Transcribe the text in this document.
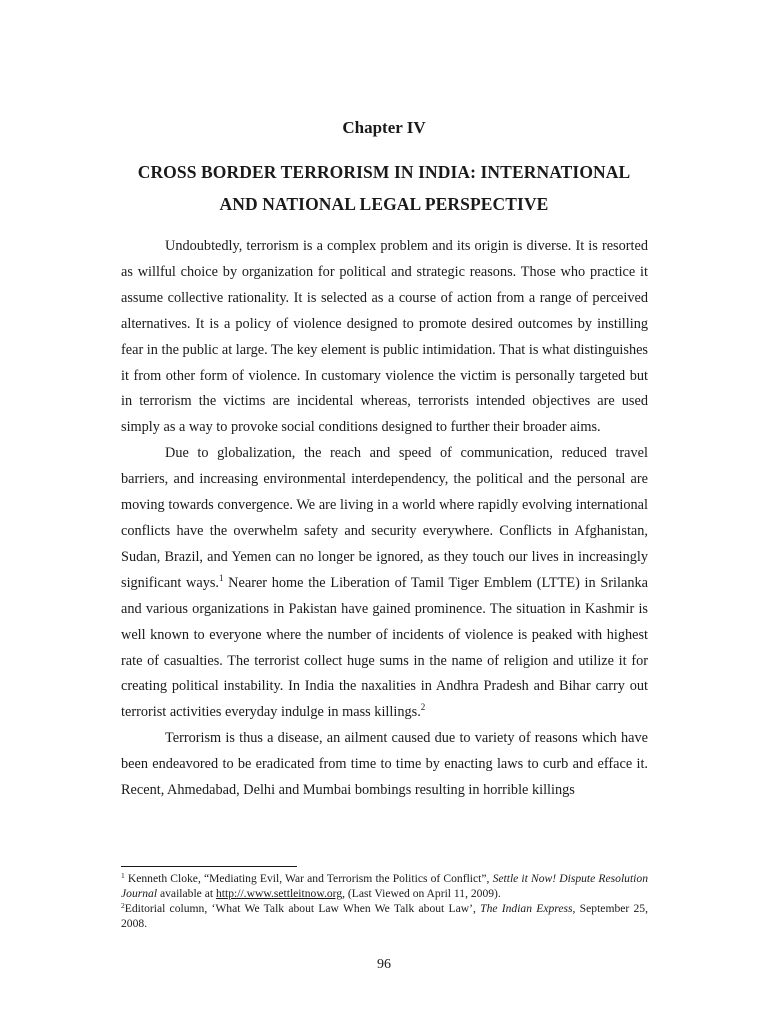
Chapter IV
CROSS BORDER TERRORISM IN INDIA: INTERNATIONAL
AND NATIONAL LEGAL PERSPECTIVE

Undoubtedly, terrorism is a complex problem and its origin is diverse. It is resorted as willful choice by organization for political and strategic reasons. Those who practice it assume collective rationality. It is selected as a course of action from a range of perceived alternatives. It is a policy of violence designed to promote desired outcomes by instilling fear in the public at large. The key element is public intimidation. That is what distinguishes it from other form of violence. In customary violence the victim is personally targeted but in terrorism the victims are incidental whereas, terrorists intended objectives are used simply as a way to provoke social conditions designed to further their broader aims.

Due to globalization, the reach and speed of communication, reduced travel barriers, and increasing environmental interdependency, the political and the personal are moving towards convergence. We are living in a world where rapidly evolving international conflicts have the overwhelm safety and security everywhere. Conflicts in Afghanistan, Sudan, Brazil, and Yemen can no longer be ignored, as they touch our lives in increasingly significant ways.$^1$ Nearer home the Liberation of Tamil Tiger Emblem (LTTE) in Srilanka and various organizations in Pakistan have gained prominence. The situation in Kashmir is well known to everyone where the number of incidents of violence is peaked with highest rate of casualties. The terrorist collect huge sums in the name of religion and utilize it for creating political instability. In India the naxalities in Andhra Pradesh and Bihar carry out terrorist activities everyday indulge in mass killings.$^2$

Terrorism is thus a disease, an ailment caused due to variety of reasons which have been endeavored to be eradicated from time to time by enacting laws to curb and efface it. Recent, Ahmedabad, Delhi and Mumbai bombings resulting in horrible killings

$^1$ Kenneth Cloke, “Mediating Evil, War and Terrorism the Politics of Conflict”, Settle it Now! Dispute Resolution Journal available at http://.www.settleitnow.org, (Last Viewed on April 11, 2009).

$^2$Editorial column, ‘What We Talk about Law When We Talk about Law’, The Indian Express, September 25, 2008.

96
